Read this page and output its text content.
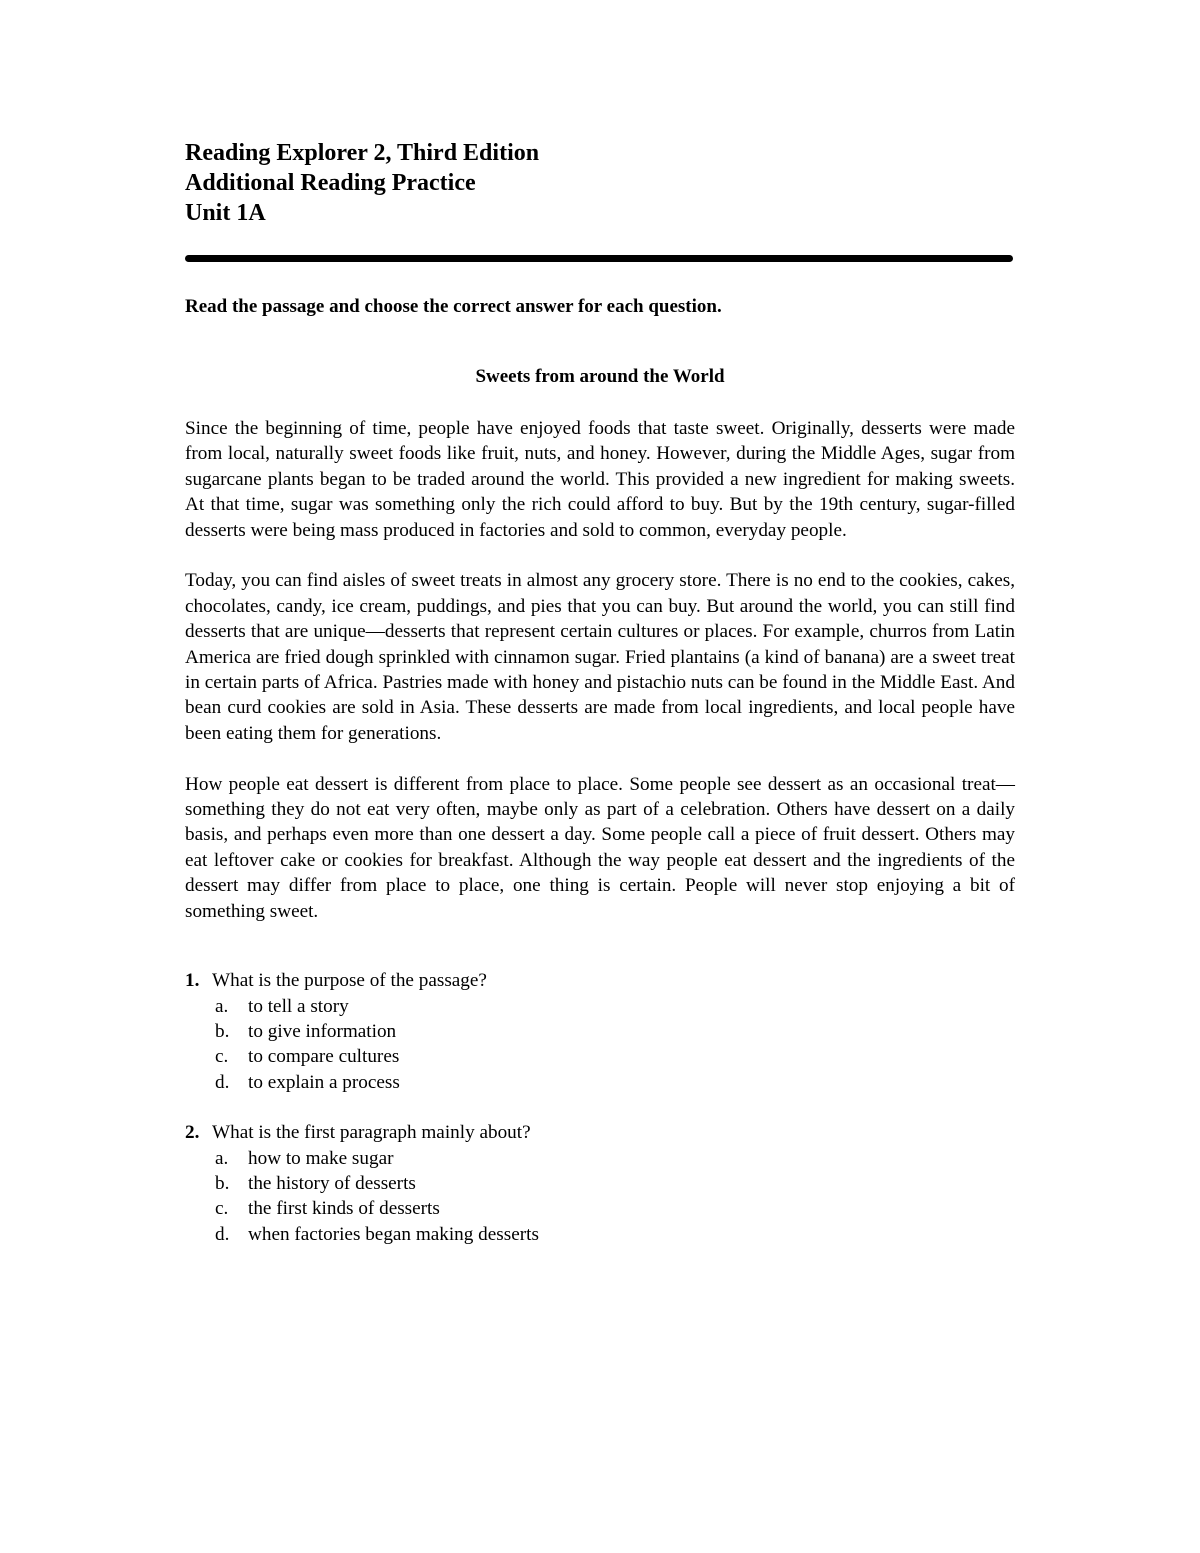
Reading Explorer 2, Third Edition

Additional Reading Practice

Unit 1A

Read the passage and choose the correct answer for each question.
Sweets from around the World

Since the beginning of time, people have enjoyed foods that taste sweet. Originally, desserts were made from local, naturally sweet foods like fruit, nuts, and honey. However, during the Middle Ages, sugar from sugarcane plants began to be traded around the world. This provided a new ingredient for making sweets. At that time, sugar was something only the rich could afford to buy. But by the 19th century, sugar-filled desserts were being mass produced in factories and sold to common, everyday people.

Today, you can find aisles of sweet treats in almost any grocery store. There is no end to the cookies, cakes, chocolates, candy, ice cream, puddings, and pies that you can buy. But around the world, you can still find desserts that are unique—desserts that represent certain cultures or places. For example, churros from Latin America are fried dough sprinkled with cinnamon sugar. Fried plantains (a kind of banana) are a sweet treat in certain parts of Africa. Pastries made with honey and pistachio nuts can be found in the Middle East. And bean curd cookies are sold in Asia. These desserts are made from local ingredients, and local people have been eating them for generations.

How people eat dessert is different from place to place. Some people see dessert as an occasional treat—something they do not eat very often, maybe only as part of a celebration. Others have dessert on a daily basis, and perhaps even more than one dessert a day. Some people call a piece of fruit dessert. Others may eat leftover cake or cookies for breakfast. Although the way people eat dessert and the ingredients of the dessert may differ from place to place, one thing is certain. People will never stop enjoying a bit of something sweet.

1. What is the purpose of the passage?
a.	to tell a story
b. to give information
c.	to compare cultures
d. to explain a process
2. What is the first paragraph mainly about?
a.	how to make sugar
b. the history of desserts
c.	the first kinds of desserts
d. when factories began making desserts
